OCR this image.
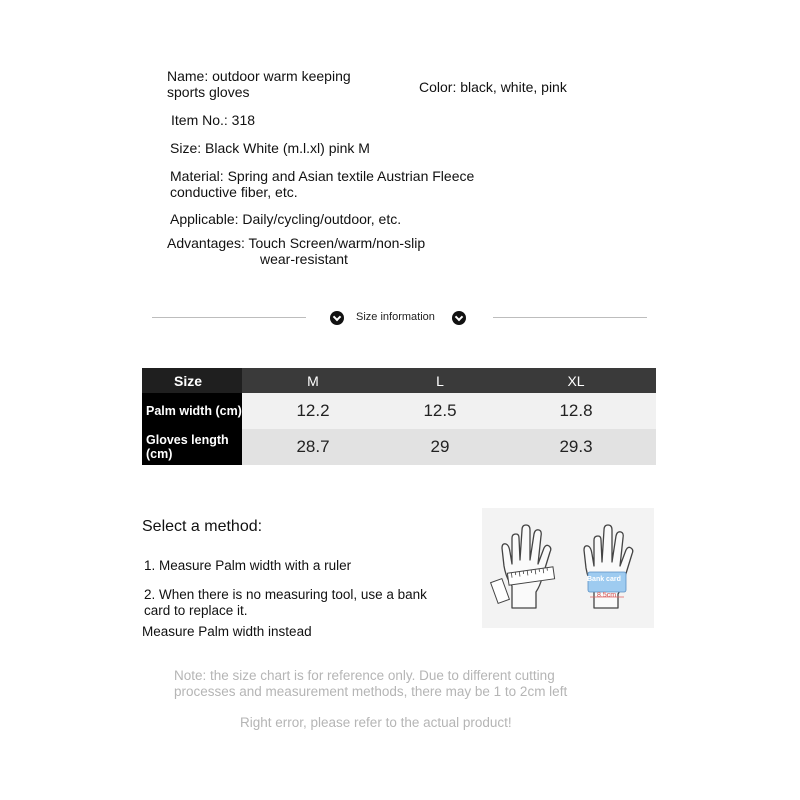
Name: outdoor warm keeping
sports gloves	Color: black, white, pink
Item No.: 318
Size: Black White (m.l.xl) pink M
Material: Spring and Asian textile Austrian Fleece
conductive fiber, etc.
Applicable: Daily/cycling/outdoor, etc.
Advantages: Touch Screen/warm/non-slip
wear-resistant
Size information
Size	M	L	XL
Palm width (cm)	12.2	12.5	12.8
Gloves length (cm)	28.7	29	29.3
Select a method:
1. Measure Palm width with a ruler
2. When there is no measuring tool, use a bank
card to replace it.
Measure Palm width instead
Bank card
8.5cm
Note: the size chart is for reference only. Due to different cutting
processes and measurement methods, there may be 1 to 2cm left
Right error, please refer to the actual product!
